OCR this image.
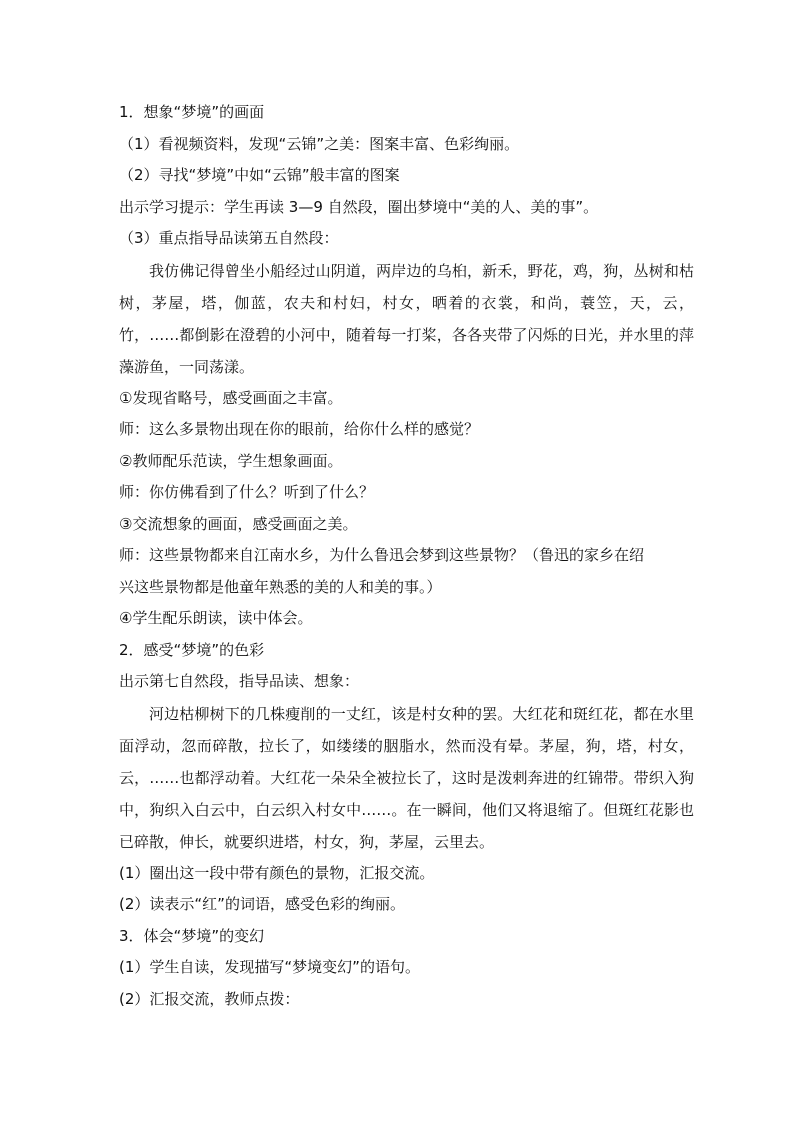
1．想象“梦境”的画面
（1）看视频资料，发现“云锦”之美：图案丰富、色彩绚丽。
（2）寻找“梦境”中如“云锦”般丰富的图案
出示学习提示：学生再读 3—9 自然段，圈出梦境中“美的人、美的事”。
（3）重点指导品读第五自然段：
我仿佛记得曾坐小船经过山阴道，两岸边的乌桕，新禾，野花，鸡，狗，丛树和枯树，茅屋，塔，伽蓝，农夫和村妇，村女，晒着的衣裳，和尚，蓑笠，天，云，竹，……都倒影在澄碧的小河中，随着每一打桨，各各夹带了闪烁的日光，并水里的萍藻游鱼，一同荡漾。
①发现省略号，感受画面之丰富。
师：这么多景物出现在你的眼前，给你什么样的感觉？
②教师配乐范读，学生想象画面。
师：你仿佛看到了什么？听到了什么？
③交流想象的画面，感受画面之美。
师：这些景物都来自江南水乡，为什么鲁迅会梦到这些景物？（鲁迅的家乡在绍
兴这些景物都是他童年熟悉的美的人和美的事。）
④学生配乐朗读，读中体会。
2．感受“梦境”的色彩
出示第七自然段，指导品读、想象：
河边枯柳树下的几株瘦削的一丈红，该是村女种的罢。大红花和斑红花，都在水里面浮动，忽而碎散，拉长了，如缕缕的胭脂水，然而没有晕。茅屋，狗，塔，村女，云，……也都浮动着。大红花一朵朵全被拉长了，这时是泼剌奔进的红锦带。带织入狗中，狗织入白云中，白云织入村女中……。在一瞬间，他们又将退缩了。但斑红花影也已碎散，伸长，就要织进塔，村女，狗，茅屋，云里去。
(1）圈出这一段中带有颜色的景物，汇报交流。
(2）读表示“红”的词语，感受色彩的绚丽。
3．体会“梦境”的变幻
(1）学生自读，发现描写“梦境变幻”的语句。
(2）汇报交流，教师点拨：
